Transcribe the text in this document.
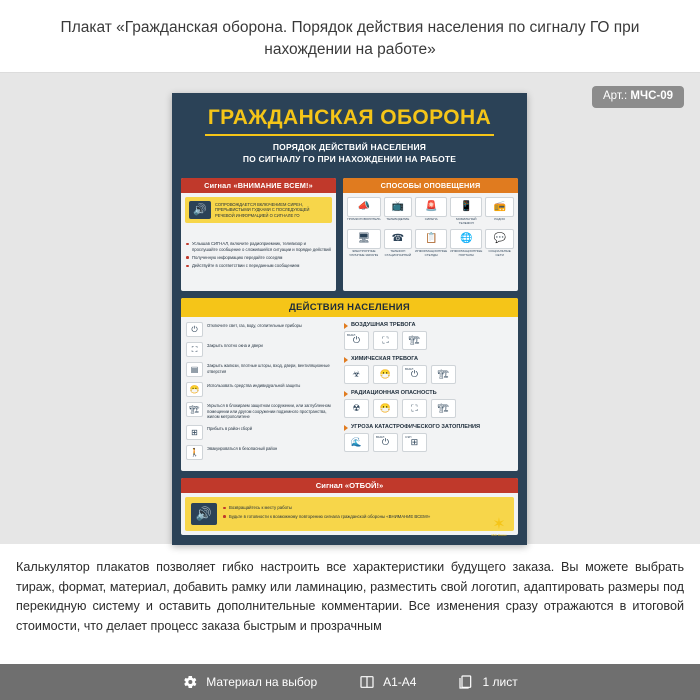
Плакат «Гражданская оборона. Порядок действия населения по сигналу ГО при нахождении на работе»
Арт.: МЧС-09
ГРАЖДАНСКАЯ ОБОРОНА
ПОРЯДОК ДЕЙСТВИЙ НАСЕЛЕНИЯ
ПО СИГНАЛУ ГО ПРИ НАХОЖДЕНИИ НА РАБОТЕ
Сигнал «ВНИМАНИЕ ВСЕМ!»
🔊
СОПРОВОЖДАЕТСЯ ВКЛЮЧЕНИЕМ СИРЕН, ПРЕРЫВИСТЫМИ ГУДКАМИ С ПОСЛЕДУЮЩЕЙ РЕЧЕВОЙ ИНФОРМАЦИЕЙ О СИГНАЛЕ ГО
Услышав СИГНАЛ, включите радиоприемник, телевизор и прослушайте сообщение о сложившейся ситуации и порядке действий
Полученную информацию передайте соседям
Действуйте в соответствии с переданным сообщением
СПОСОБЫ ОПОВЕЩЕНИЯ
📣
ГРОМКОГОВОРИТЕЛЬ
📺
ТЕЛЕВИДЕНИЕ
🚨
СИРЕНА
📱
МОБИЛЬНЫЙ ТЕЛЕФОН
📻
РАДИО
🖥
ЭЛЕКТРОННЫЕ УЛИЧНЫЕ ЭКРАНЫ
☎
ТЕЛЕФОН СТАЦИОНАРНЫЙ
📋
ИНФОРМАЦИОННЫЕ СТЕНДЫ
🌐
ИНФОРМАЦИОННЫЕ ПОРТАЛЫ
💬
СОЦИАЛЬНЫЕ СЕТИ
ДЕЙСТВИЯ НАСЕЛЕНИЯ
⏻	Отключите свет, газ, воду, отопительные приборы
⛶	Закрыть плотно окна и двери
▤	Закрыть жалюзи, плотные шторы, вход, двери, вентиляционные отверстия
😷	Использовать средства индивидуальной защиты
🏗	Укрыться в блокираем защитном сооружении, или заглубленном помещении или другом сооружении подземного пространства, жилом метрополитене
⊞	Прибыть в район сборй
🚶	Эвакуироваться в безопасный район
ВОЗДУШНАЯ ТРЕВОГА
ВЫКЛ
⏻	⛶	🏗
ХИМИЧЕСКАЯ ТРЕВОГА
☣	😷	ВЫКЛ
⏻	🏗
РАДИАЦИОННАЯ ОПАСНОСТЬ
☢	😷	⛶	🏗
УГРОЗА КАТАСТРОФИЧЕСКОГО ЗАТОПЛЕНИЯ
🌊	ВЫКЛ
⏻	СЭП ⊞
Сигнал «ОТБОЙ!»
🔊	Возвращайтесь к месту работы
Будьте в готовности к возможному повторению сигнала гражданской обороны «ВНИМАНИЕ ВСЕМ!»	✶
МЧС России
Калькулятор плакатов позволяет гибко настроить все характеристики будущего заказа. Вы можете выбрать тираж, формат, материал, добавить рамку или ламинацию, разместить свой логотип, адаптировать размеры под перекидную систему и оставить дополнительные комментарии. Все изменения сразу отражаются в итоговой стоимости, что делает процесс заказа быстрым и прозрачным
Материал на выбор	А1-А4	1 лист
